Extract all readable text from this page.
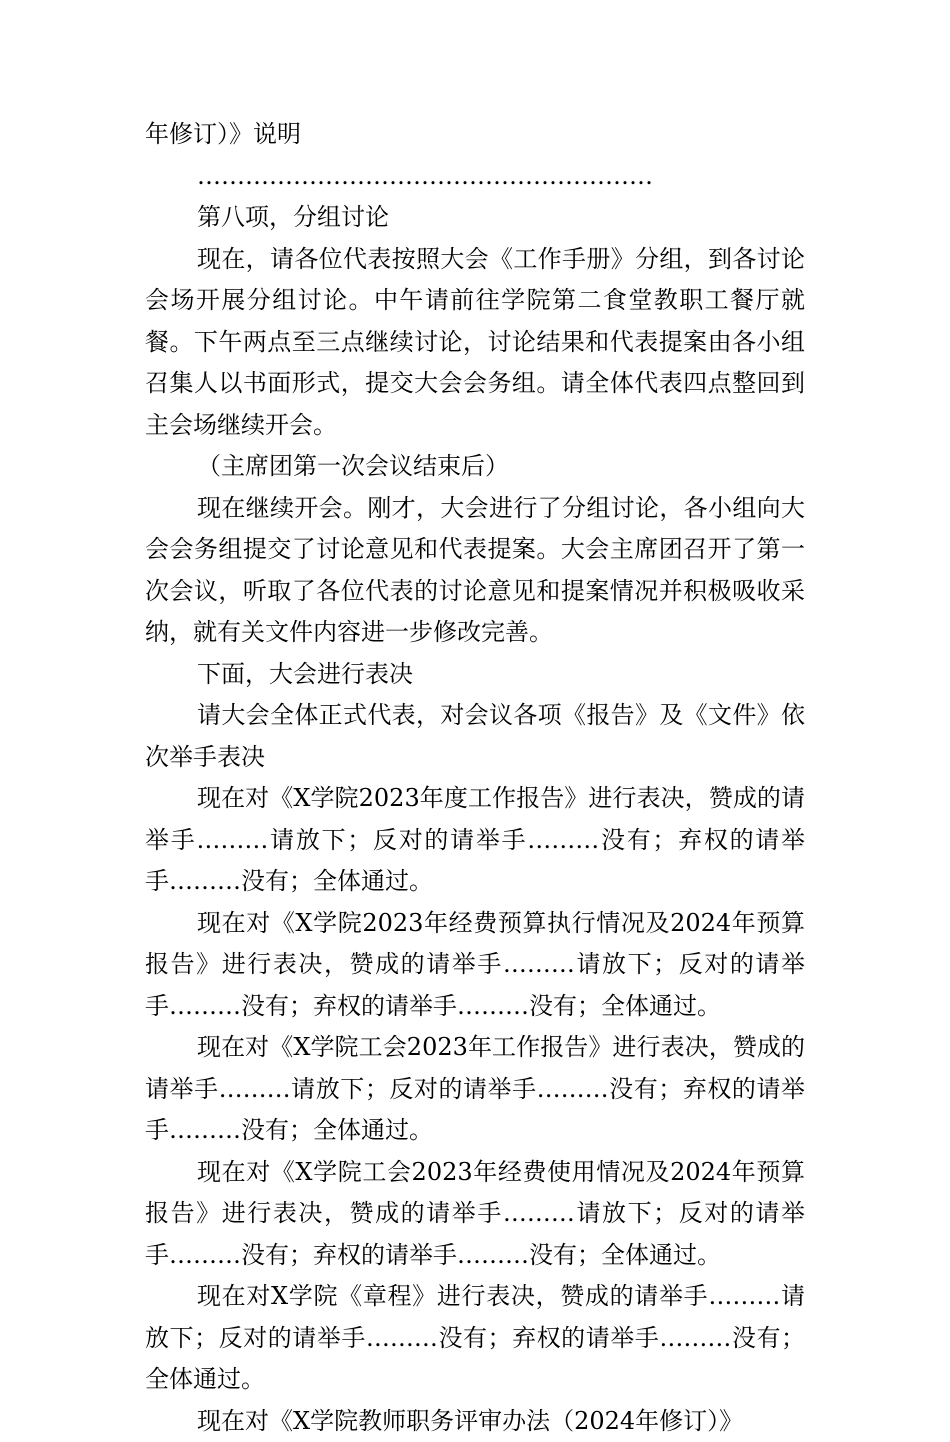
年修订）》说明

…………………………………………………

第八项，分组讨论

现在，请各位代表按照大会《工作手册》分组，到各讨论会场开展分组讨论。中午请前往学院第二食堂教职工餐厅就餐。下午两点至三点继续讨论，讨论结果和代表提案由各小组召集人以书面形式，提交大会会务组。请全体代表四点整回到主会场继续开会。

（主席团第一次会议结束后）

现在继续开会。刚才，大会进行了分组讨论，各小组向大会会务组提交了讨论意见和代表提案。大会主席团召开了第一次会议，听取了各位代表的讨论意见和提案情况并积极吸收采纳，就有关文件内容进一步修改完善。

下面，大会进行表决

请大会全体正式代表，对会议各项《报告》及《文件》依次举手表决

现在对《X学院2023年度工作报告》进行表决，赞成的请举手………请放下；反对的请举手………没有；弃权的请举手………没有；全体通过。

现在对《X学院2023年经费预算执行情况及2024年预算报告》进行表决，赞成的请举手………请放下；反对的请举手………没有；弃权的请举手………没有；全体通过。

现在对《X学院工会2023年工作报告》进行表决，赞成的请举手………请放下；反对的请举手………没有；弃权的请举手………没有；全体通过。

现在对《X学院工会2023年经费使用情况及2024年预算报告》进行表决，赞成的请举手………请放下；反对的请举手………没有；弃权的请举手………没有；全体通过。

现在对X学院《章程》进行表决，赞成的请举手………请放下；反对的请举手………没有；弃权的请举手………没有；全体通过。

现在对《X学院教师职务评审办法（2024年修订）》
